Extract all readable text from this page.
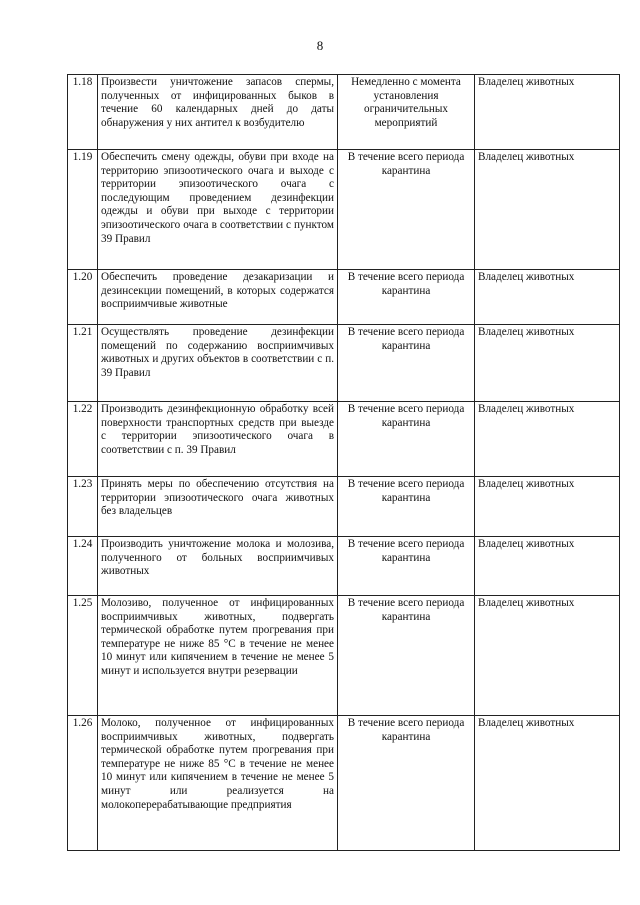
8
1.18	Произвести уничтожение запасов спермы, полученных от инфицированных быков в течение 60 календарных дней до даты обнаружения у них антител к возбудителю	Немедленно с момента установления ограничительных мероприятий	Владелец животных
1.19	Обеспечить смену одежды, обуви при входе на территорию эпизоотического очага и выходе с территории эпизоотического очага с последующим проведением дезинфекции одежды и обуви при выходе с территории эпизоотического очага в соответствии с пунктом 39 Правил	В течение всего периода карантина	Владелец животных
1.20	Обеспечить проведение дезакаризации и дезинсекции помещений, в которых содержатся восприимчивые животные	В течение всего периода карантина	Владелец животных
1.21	Осуществлять проведение дезинфекции помещений по содержанию восприимчивых животных и других объектов в соответствии с п. 39 Правил	В течение всего периода карантина	Владелец животных
1.22	Производить дезинфекционную обработку всей поверхности транспортных средств при выезде с территории эпизоотического очага в соответствии с п. 39 Правил	В течение всего периода карантина	Владелец животных
1.23	Принять меры по обеспечению отсутствия на территории эпизоотического очага животных без владельцев	В течение всего периода карантина	Владелец животных
1.24	Производить уничтожение молока и молозива, полученного от больных восприимчивых животных	В течение всего периода карантина	Владелец животных
1.25	Молозиво, полученное от инфицированных восприимчивых животных, подвергать термической обработке путем прогревания при температуре не ниже 85 °С в течение не менее 10 минут или кипячением в течение не менее 5 минут и используется внутри резервации	В течение всего периода карантина	Владелец животных
1.26	Молоко, полученное от инфицированных восприимчивых животных, подвергать термической обработке путем прогревания при температуре не ниже 85 °С в течение не менее 10 минут или кипячением в течение не менее 5 минут или реализуется на молокоперерабатывающие предприятия	В течение всего периода карантина	Владелец животных
